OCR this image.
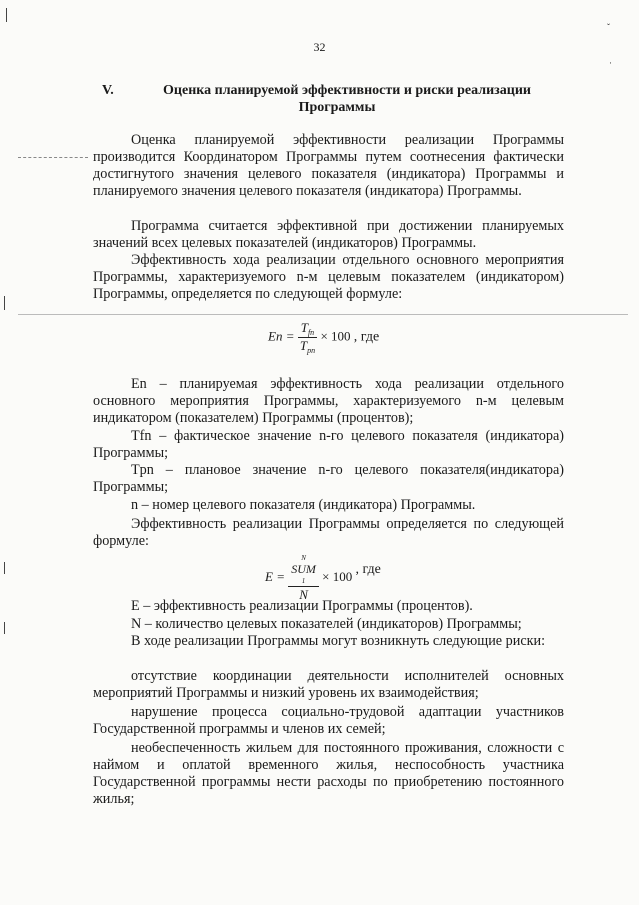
ˇ
·
32
V.	Оценка планируемой эффективности и риски реализации
Программы

Оценка планируемой эффективности реализации Программы производится Координатором Программы путем соотнесения фактически достигнутого значения целевого показателя (индикатора) Программы и планируемого значения целевого показателя (индикатора) Программы.

Программа считается эффективной при достижении планируемых значений всех целевых показателей (индикаторов) Программы.

Эффективность хода реализации отдельного основного мероприятия Программы, характеризуемого n-м целевым показателем (индикатором) Программы, определяется по следующей формуле:

$En = \frac{T_{fn}}{T_{pn}} \times 100$ , где

En – планируемая эффективность хода реализации отдельного основного мероприятия Программы, характеризуемого n-м целевым индикатором (показателем) Программы (процентов);

Tfn – фактическое значение n-го целевого показателя (индикатора) Программы;

Tpn – плановое значение n-го целевого показателя(индикатора) Программы;

n – номер целевого показателя (индикатора) Программы.

Эффективность реализации Программы определяется по следующей формуле:

E = N
SUM
1
N × 100 , где

E – эффективность реализации Программы (процентов).

N – количество целевых показателей (индикаторов) Программы;

В ходе реализации Программы могут возникнуть следующие риски:

отсутствие координации деятельности исполнителей основных мероприятий Программы и низкий уровень их взаимодействия;

нарушение процесса социально-трудовой адаптации участников Государственной программы и членов их семей;

необеспеченность жильем для постоянного проживания, сложности с наймом и оплатой временного жилья, неспособность участника Государственной программы нести расходы по приобретению постоянного жилья;
